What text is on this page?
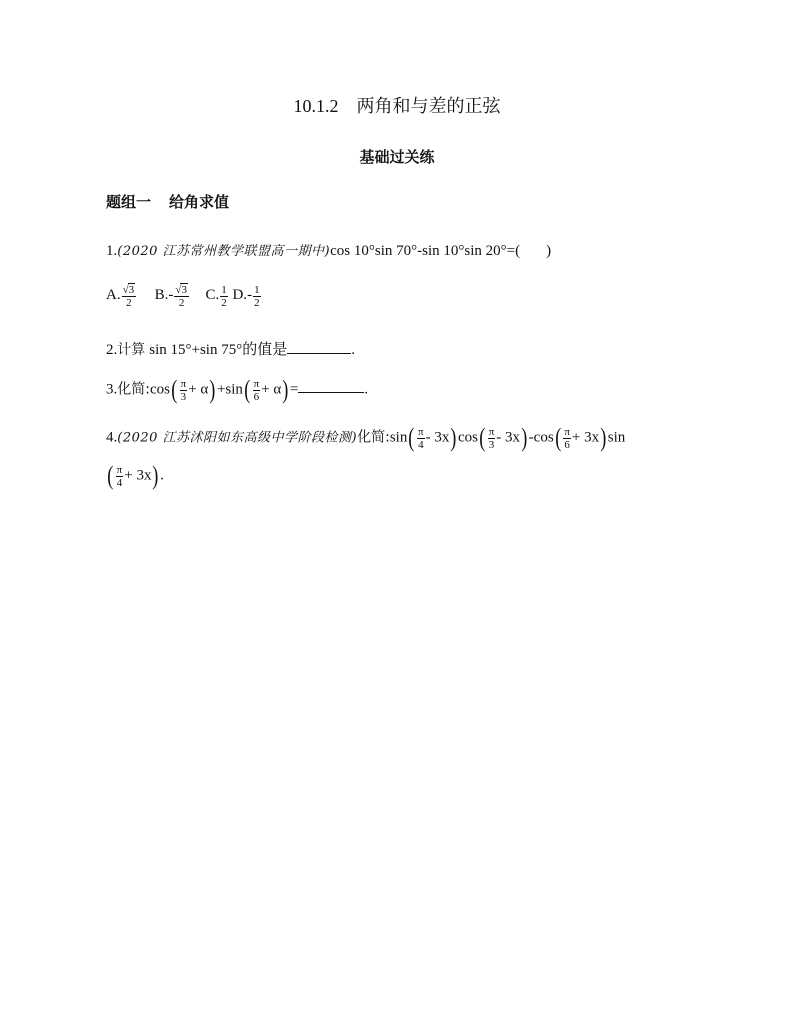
10.1.2 两角和与差的正弦
基础过关练
题组一 给角求值
1.(2020 江苏常州教学联盟高一期中)cos 10°sin 70°-sin 10°sin 20°=( )
A. $\frac{√3}{2} B.- \frac{√3}{2} C$. $\frac{1}{2} D.- \frac{1}{2}$
2.计算 sin 15°+sin 75°的值是	.
3.化简:cos( $\frac{\pi}{3} + \alpha)+\sin( \frac{\pi}{6} + \alpha)=$	.
4.(2020 江苏沭阳如东高级中学阶段检测)化简:sin( $\frac{\pi}{4} - 3x)\cos( \frac{\pi}{3} - 3x)-\cos( \frac{\pi}{6} + 3x)\sin$
( $\frac{\pi}{4} + 3x$).
